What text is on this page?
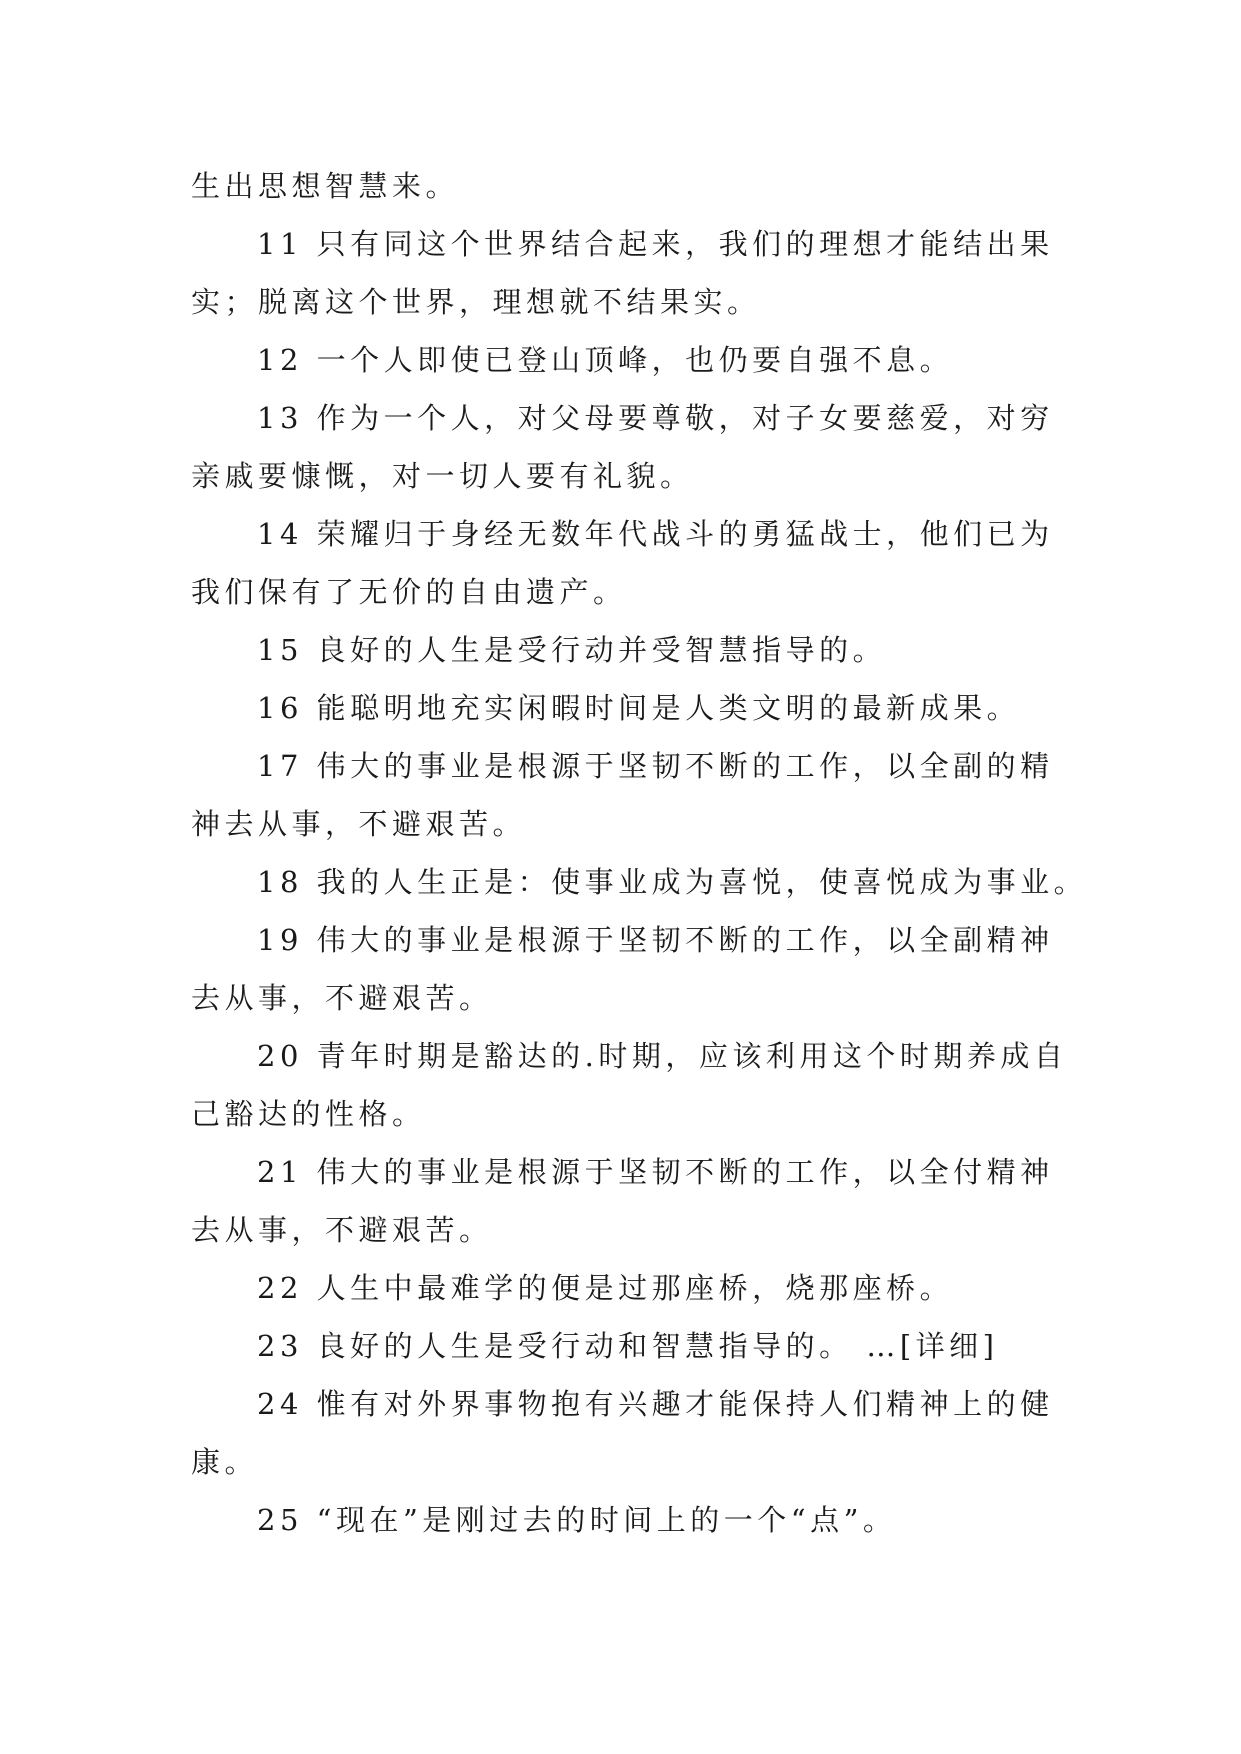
生出思想智慧来。
11 只有同这个世界结合起来，我们的理想才能结出果
实；脱离这个世界，理想就不结果实。
12 一个人即使已登山顶峰，也仍要自强不息。
13 作为一个人，对父母要尊敬，对子女要慈爱，对穷
亲戚要慷慨，对一切人要有礼貌。
14 荣耀归于身经无数年代战斗的勇猛战士，他们已为
我们保有了无价的自由遗产。
15 良好的人生是受行动并受智慧指导的。
16 能聪明地充实闲暇时间是人类文明的最新成果。
17 伟大的事业是根源于坚韧不断的工作，以全副的精
神去从事，不避艰苦。
18 我的人生正是：使事业成为喜悦，使喜悦成为事业。
19 伟大的事业是根源于坚韧不断的工作，以全副精神
去从事，不避艰苦。
20 青年时期是豁达的.时期，应该利用这个时期养成自
己豁达的性格。
21 伟大的事业是根源于坚韧不断的工作，以全付精神
去从事，不避艰苦。
22 人生中最难学的便是过那座桥，烧那座桥。
23 良好的人生是受行动和智慧指导的。 …[详细]
24 惟有对外界事物抱有兴趣才能保持人们精神上的健
康。
25 “现在”是刚过去的时间上的一个“点”。
